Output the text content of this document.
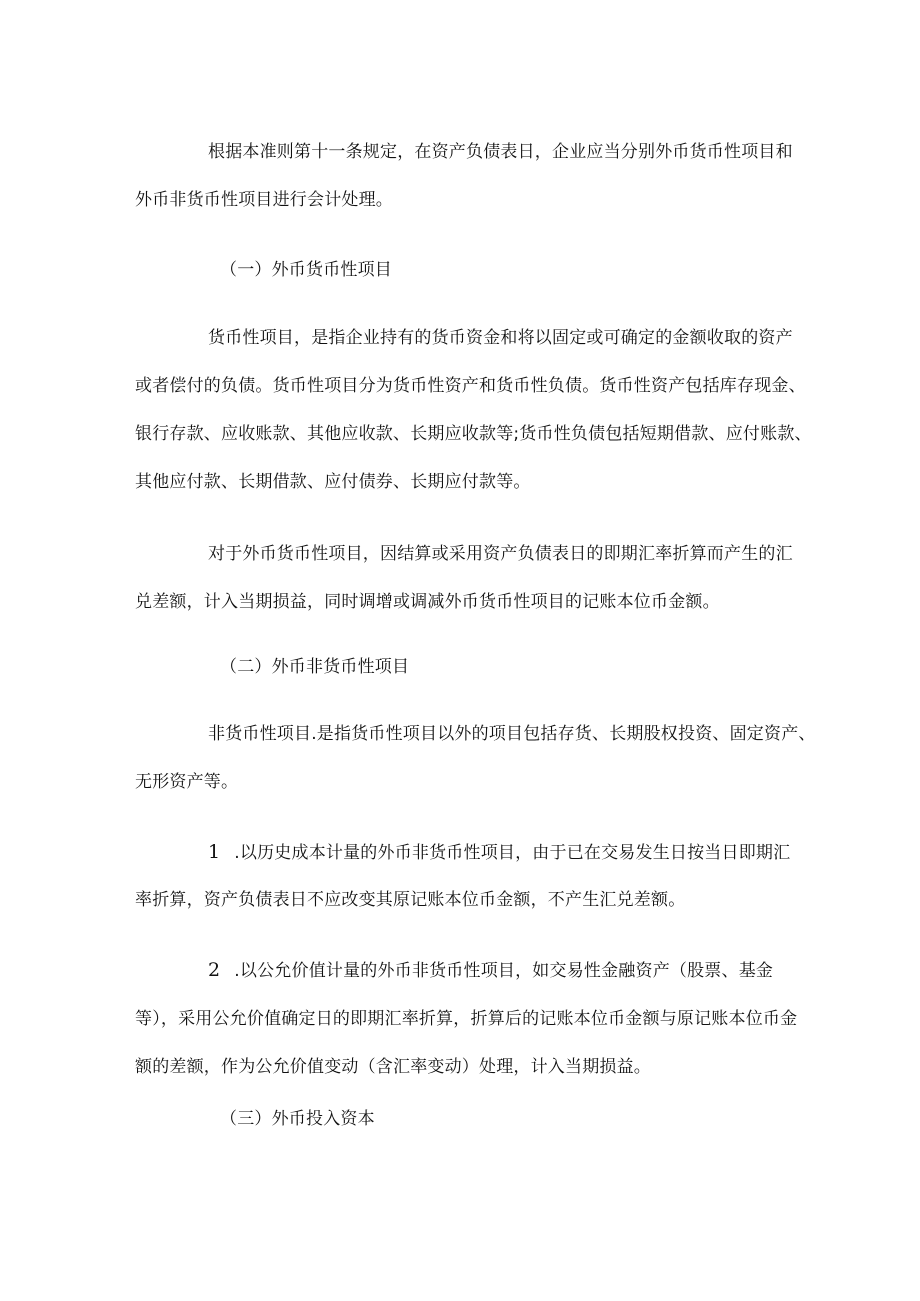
根据本准则第十一条规定，在资产负债表日，企业应当分别外币货币性项目和
外币非货币性项目进行会计处理。
（一）外币货币性项目
货币性项目，是指企业持有的货币资金和将以固定或可确定的金额收取的资产
或者偿付的负债。货币性项目分为货币性资产和货币性负债。货币性资产包括库存现金、
银行存款、应收账款、其他应收款、长期应收款等;货币性负债包括短期借款、应付账款、
其他应付款、长期借款、应付债券、长期应付款等。
对于外币货币性项目，因结算或采用资产负债表日的即期汇率折算而产生的汇
兑差额，计入当期损益，同时调增或调减外币货币性项目的记账本位币金额。
（二）外币非货币性项目
非货币性项目.是指货币性项目以外的项目包括存货、长期股权投资、固定资产、
无形资产等。
1 .以历史成本计量的外币非货币性项目，由于已在交易发生日按当日即期汇
率折算，资产负债表日不应改变其原记账本位币金额，不产生汇兑差额。
2 .以公允价值计量的外币非货币性项目，如交易性金融资产（股票、基金
等），采用公允价值确定日的即期汇率折算，折算后的记账本位币金额与原记账本位币金
额的差额，作为公允价值变动（含汇率变动）处理，计入当期损益。
（三）外币投入资本
